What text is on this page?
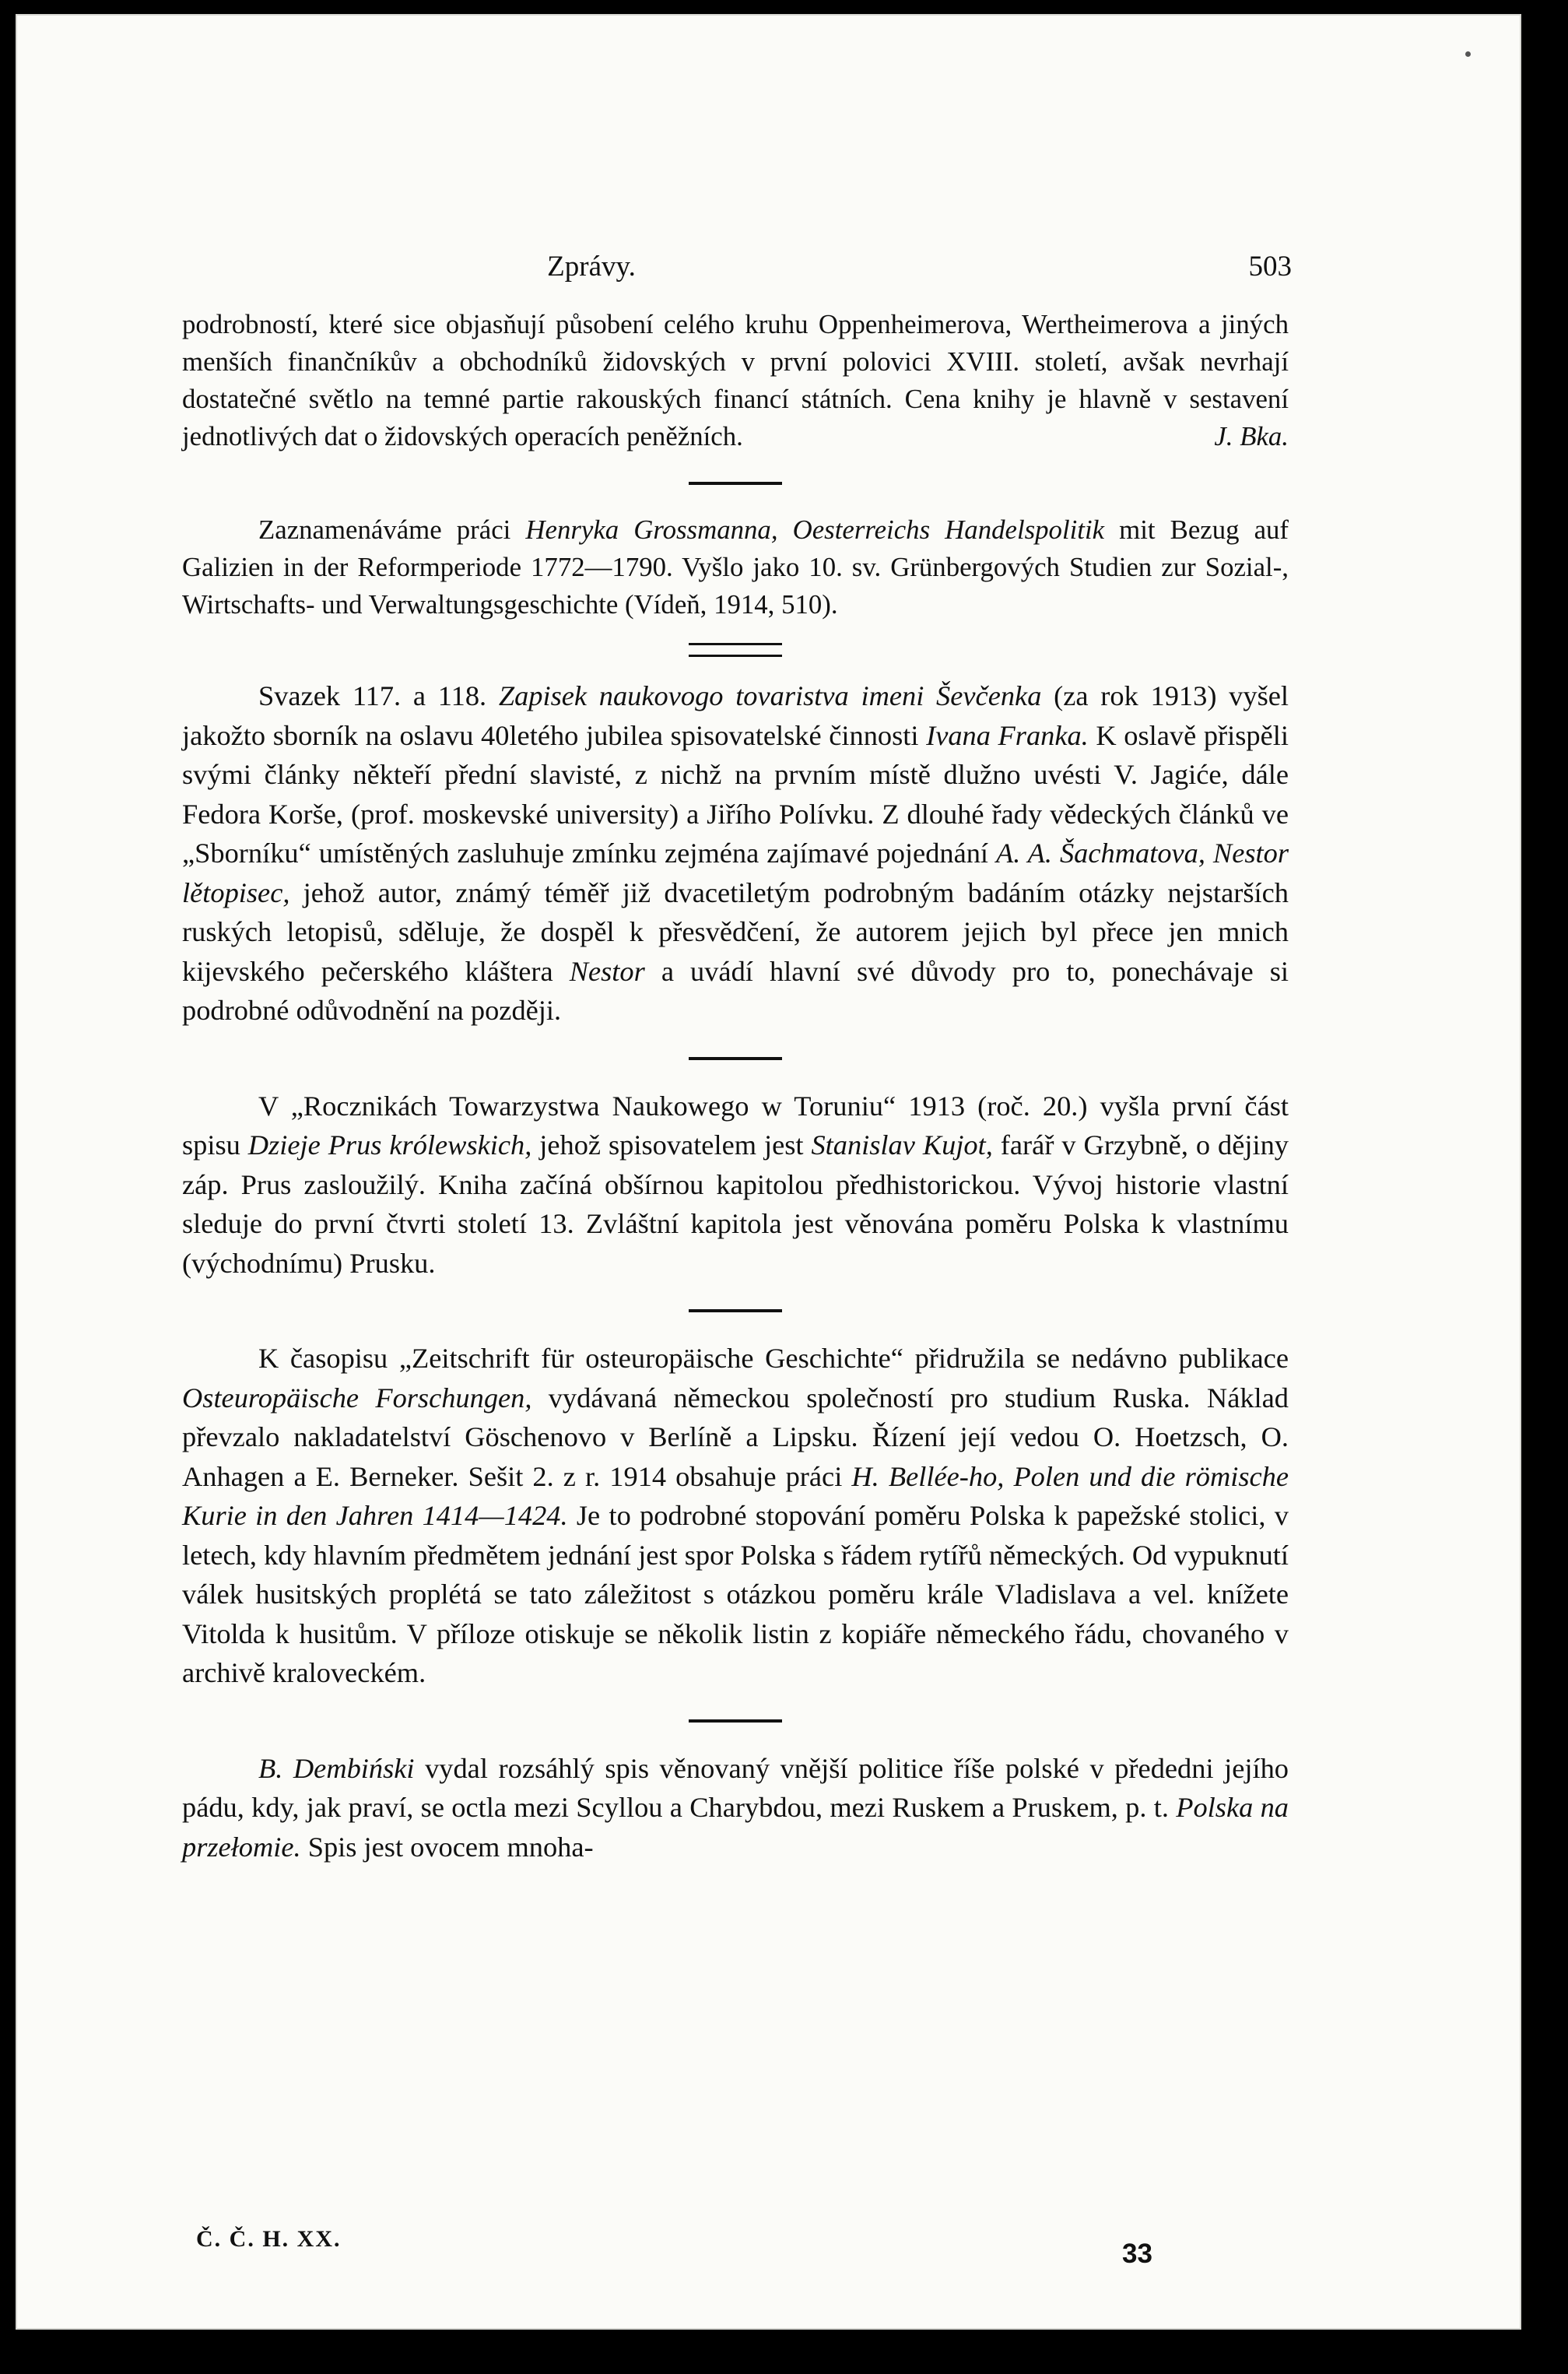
Zprávy.	503

podrobností, které sice objasňují působení celého kruhu Oppenheimerova, Wertheimerova a jiných menších finančníkův a obchodníků židovských v první polovici XVIII. století, avšak nevrhají dostatečné světlo na temné partie rakouských financí státních. Cena knihy je hlavně v sestavení jednotlivých dat o židovských operacích peněžních.	J. Bka.

Zaznamenáváme práci Henryka Grossmanna, Oesterreichs Handelspolitik mit Bezug auf Galizien in der Reformperiode 1772—1790. Vyšlo jako 10. sv. Grünbergových Studien zur Sozial-, Wirtschafts- und Verwaltungsgeschichte (Vídeň, 1914, 510).

Svazek 117. a 118. Zapisek naukovogo tovaristva imeni Ševčenka (za rok 1913) vyšel jakožto sborník na oslavu 40letého jubilea spisovatelské činnosti Ivana Franka. K oslavě přispěli svými články někteří přední slavisté, z nichž na prvním místě dlužno uvésti V. Jagiće, dále Fedora Korše, (prof. moskevské university) a Jiřího Polívku. Z dlouhé řady vědeckých článků ve „Sborníku“ umístěných zasluhuje zmínku zejména zajímavé pojednání A. A. Šachmatova, Nestor lětopisec, jehož autor, známý téměř již dvacetiletým podrobným badáním otázky nejstarších ruských letopisů, sděluje, že dospěl k přesvědčení, že autorem jejich byl přece jen mnich kijevského pečerského kláštera Nestor a uvádí hlavní své důvody pro to, ponechávaje si podrobné odůvodnění na později.

V „Rocznikách Towarzystwa Naukowego w Toruniu“ 1913 (roč. 20.) vyšla první část spisu Dzieje Prus królewskich, jehož spisovatelem jest Stanislav Kujot, farář v Grzybně, o dějiny záp. Prus zasloužilý. Kniha začíná obšírnou kapitolou předhistorickou. Vývoj historie vlastní sleduje do první čtvrti století 13. Zvláštní kapitola jest věnována poměru Polska k vlastnímu (východnímu) Prusku.

K časopisu „Zeitschrift für osteuropäische Geschichte“ přidružila se nedávno publikace Osteuropäische Forschungen, vydávaná německou společností pro studium Ruska. Náklad převzalo nakladatelství Göschenovo v Berlíně a Lipsku. Řízení její vedou O. Hoetzsch, O. Anhagen a E. Berneker. Sešit 2. z r. 1914 obsahuje práci H. Bellée-ho, Polen und die römische Kurie in den Jahren 1414—1424. Je to podrobné stopování poměru Polska k papežské stolici, v letech, kdy hlavním předmětem jednání jest spor Polska s řádem rytířů německých. Od vypuknutí válek husitských proplétá se tato záležitost s otázkou poměru krále Vladislava a vel. knížete Vitolda k husitům. V příloze otiskuje se několik listin z kopiáře německého řádu, chovaného v archivě kraloveckém.

B. Dembiński vydal rozsáhlý spis věnovaný vnější politice říše polské v přededni jejího pádu, kdy, jak praví, se octla mezi Scyllou a Charybdou, mezi Ruskem a Pruskem, p. t. Polska na przełomie. Spis jest ovocem mnoha-

Č. Č. H. XX.	33
